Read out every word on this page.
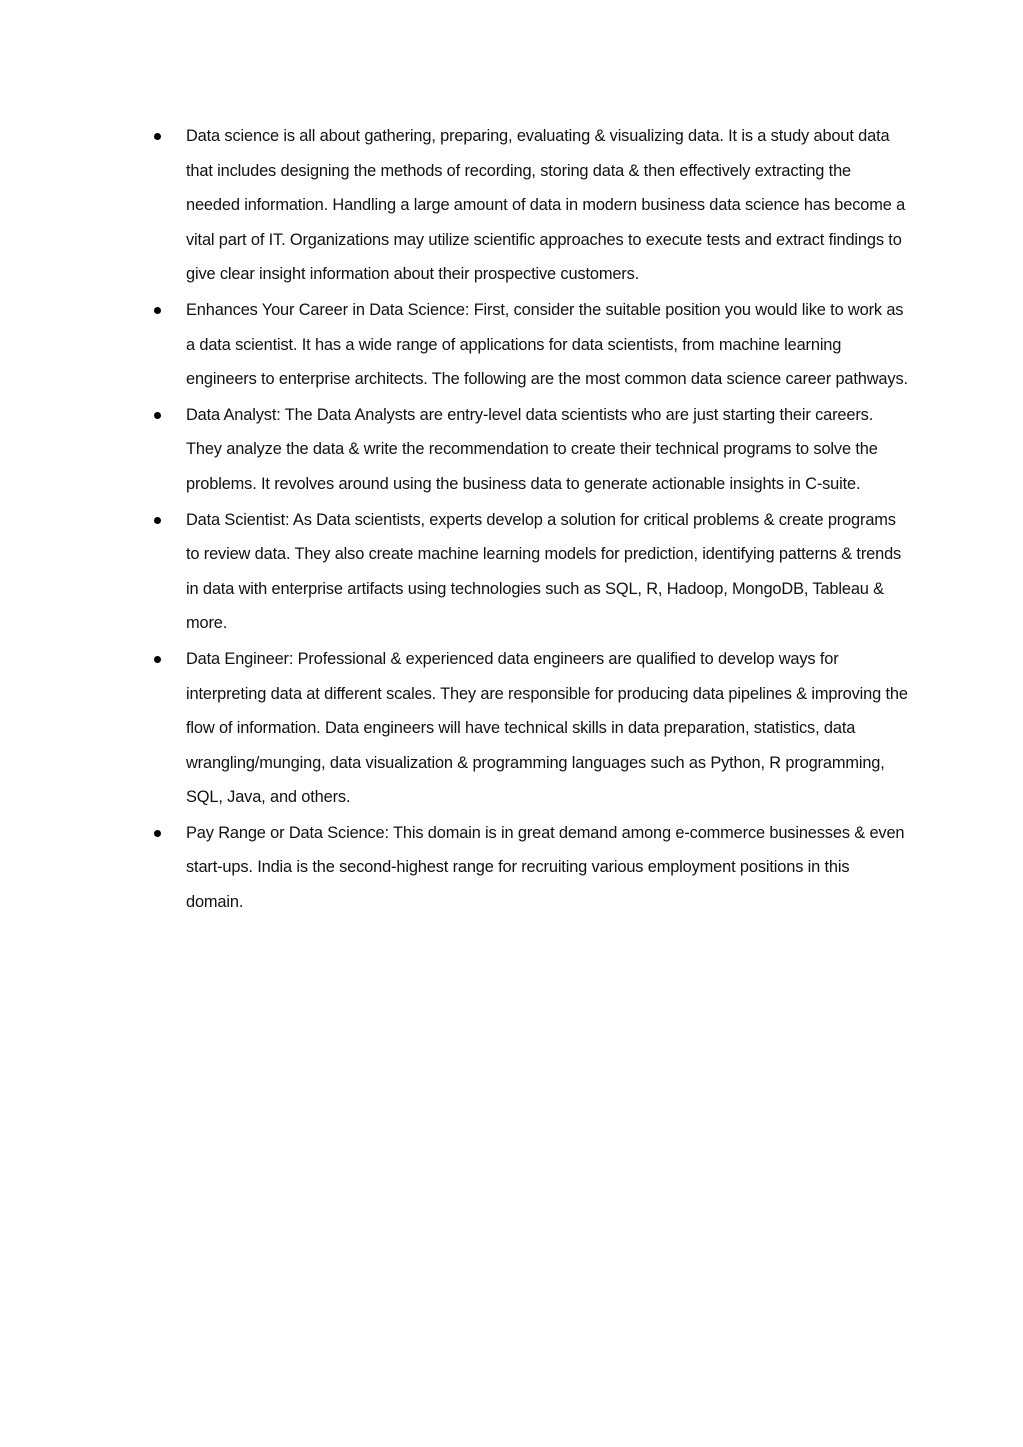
Data science is all about gathering, preparing, evaluating & visualizing data. It is a study about data that includes designing the methods of recording, storing data & then effectively extracting the needed information. Handling a large amount of data in modern business data science has become a vital part of IT. Organizations may utilize scientific approaches to execute tests and extract findings to give clear insight information about their prospective customers.
Enhances Your Career in Data Science: First, consider the suitable position you would like to work as a data scientist. It has a wide range of applications for data scientists, from machine learning engineers to enterprise architects. The following are the most common data science career pathways.
Data Analyst: The Data Analysts are entry-level data scientists who are just starting their careers. They analyze the data & write the recommendation to create their technical programs to solve the problems. It revolves around using the business data to generate actionable insights in C-suite.
Data Scientist: As Data scientists, experts develop a solution for critical problems & create programs to review data. They also create machine learning models for prediction, identifying patterns & trends in data with enterprise artifacts using technologies such as SQL, R, Hadoop, MongoDB, Tableau & more.
Data Engineer: Professional & experienced data engineers are qualified to develop ways for interpreting data at different scales. They are responsible for producing data pipelines & improving the flow of information. Data engineers will have technical skills in data preparation, statistics, data wrangling/munging, data visualization & programming languages such as Python, R programming, SQL, Java, and others.
Pay Range or Data Science: This domain is in great demand among e-commerce businesses & even start-ups. India is the second-highest range for recruiting various employment positions in this domain.
